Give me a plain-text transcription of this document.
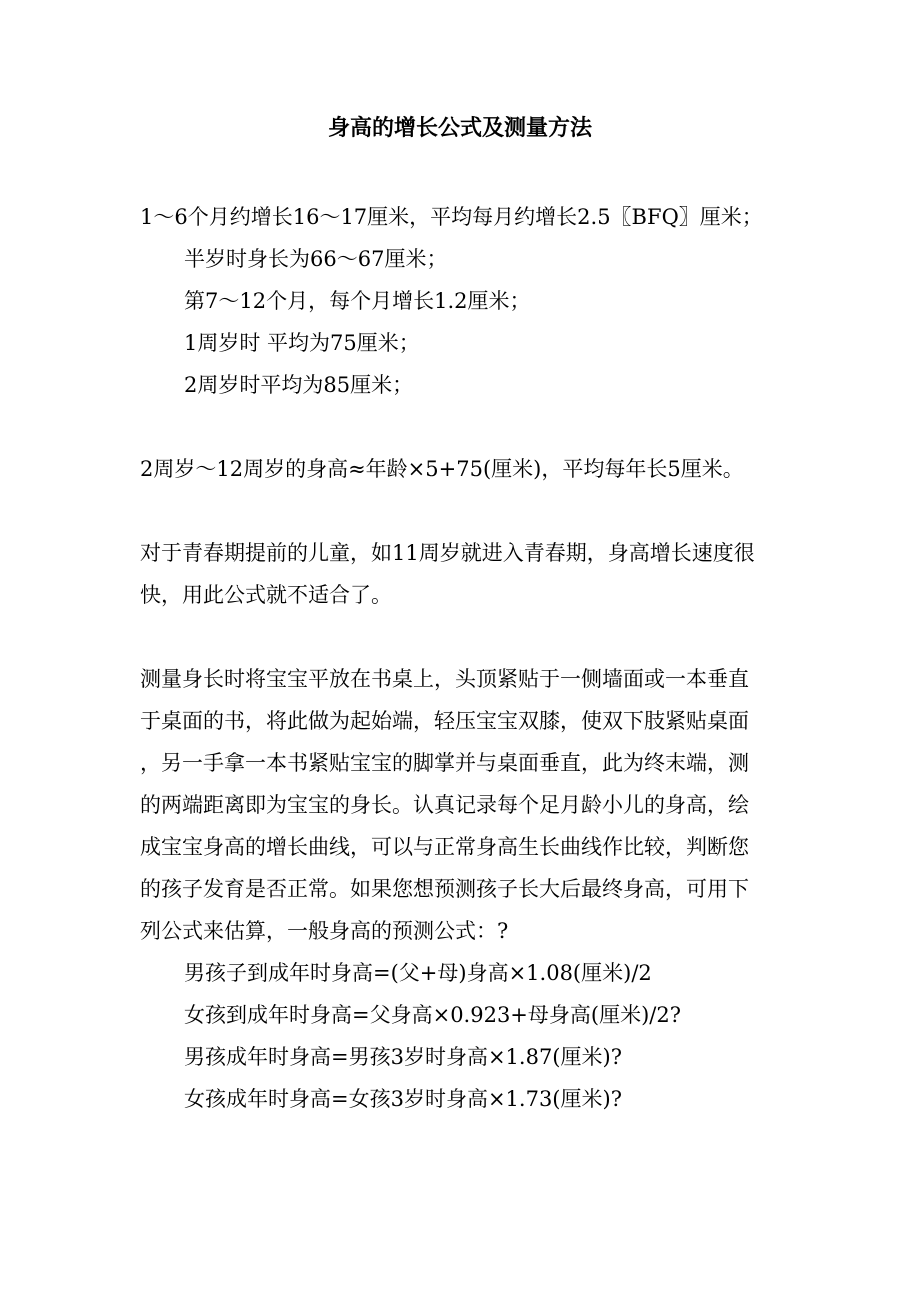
身高的增长公式及测量方法
1～6个月约增长16～17厘米，平均每月约增长2.5〖BFQ〗厘米；
半岁时身长为66～67厘米；
第7～12个月，每个月增长1.2厘米；
1周岁时 平均为75厘米；
2周岁时平均为85厘米；
2周岁～12周岁的身高≈年龄×5+75(厘米)，平均每年长5厘米。
对于青春期提前的儿童，如11周岁就进入青春期，身高增长速度很
快，用此公式就不适合了。
测量身长时将宝宝平放在书桌上，头顶紧贴于一侧墙面或一本垂直
于桌面的书，将此做为起始端，轻压宝宝双膝，使双下肢紧贴桌面
，另一手拿一本书紧贴宝宝的脚掌并与桌面垂直，此为终末端，测
的两端距离即为宝宝的身长。认真记录每个足月龄小儿的身高，绘
成宝宝身高的增长曲线，可以与正常身高生长曲线作比较，判断您
的孩子发育是否正常。如果您想预测孩子长大后最终身高，可用下
列公式来估算，一般身高的预测公式：?
男孩子到成年时身高=(父+母)身高×1.08(厘米)/2
女孩到成年时身高=父身高×0.923+母身高(厘米)/2?
男孩成年时身高=男孩3岁时身高×1.87(厘米)?
女孩成年时身高=女孩3岁时身高×1.73(厘米)?
